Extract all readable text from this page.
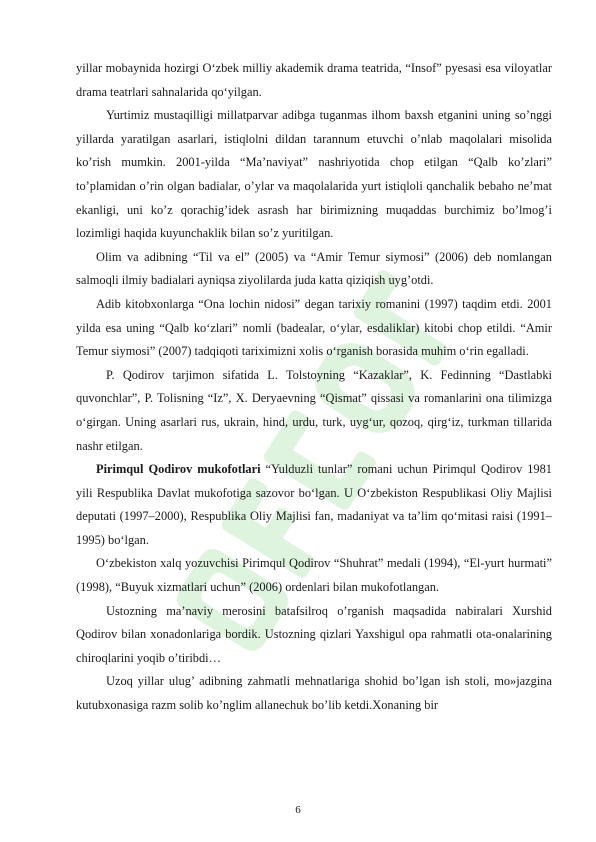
yillar mobaynida hozirgi O‘zbek milliy akademik drama teatrida, “Insof” pyesasi esa viloyatlar drama teatrlari sahnalarida qo‘yilgan.

Yurtimiz mustaqilligi millatparvar adibga tuganmas ilhom baxsh etganini uning so’nggi yillarda yaratilgan asarlari, istiqlolni dildan tarannum etuvchi o’nlab maqolalari misolida ko’rish mumkin. 2001-yilda “Ma’naviyat” nashriyotida chop etilgan “Qalb ko’zlari” to’plamidan o’rin olgan badialar, o’ylar va maqolalarida yurt istiqloli qanchalik bebaho ne’mat ekanligi, uni ko’z qorachig’idek asrash har birimizning muqaddas burchimiz bo’lmog’i lozimligi haqida kuyunchaklik bilan so’z yuritilgan.

Olim va adibning “Til va el” (2005) va “Amir Temur siymosi” (2006) deb nomlangan salmoqli ilmiy badialari ayniqsa ziyolilarda juda katta qiziqish uyg’otdi.

Adib kitobxonlarga “Ona lochin nidosi” degan tarixiy romanini (1997) taqdim etdi. 2001 yilda esa uning “Qalb ko‘zlari” nomli (badealar, o‘ylar, esdaliklar) kitobi chop etildi. “Amir Temur siymosi” (2007) tadqiqoti tariximizni xolis o‘rganish borasida muhim o‘rin egalladi.

P. Qodirov tarjimon sifatida L. Tolstoyning “Kazaklar”, K. Fedinning “Dastlabki quvonchlar”, P. Tolisning “Iz”, X. Deryaevning “Qismat” qissasi va romanlarini ona tilimizga o‘girgan. Uning asarlari rus, ukrain, hind, urdu, turk, uyg‘ur, qozoq, qirg‘iz, turkman tillarida nashr etilgan.

Pirimqul Qodirov mukofotlari “Yulduzli tunlar” romani uchun Pirimqul Qodirov 1981 yili Respublika Davlat mukofotiga sazovor bo‘lgan. U O‘zbekiston Respublikasi Oliy Majlisi deputati (1997–2000), Respublika Oliy Majlisi fan, madaniyat va ta’lim qo‘mitasi raisi (1991–1995) bo‘lgan.

O‘zbekiston xalq yozuvchisi Pirimqul Qodirov “Shuhrat” medali (1994), “El-yurt hurmati” (1998), “Buyuk xizmatlari uchun” (2006) ordenlari bilan mukofotlangan.

Ustozning ma’naviy merosini batafsilroq o’rganish maqsadida nabiralari Xurshid Qodirov bilan xonadonlariga bordik. Ustozning qizlari Yaxshigul opa rahmatli ota-onalarining chiroqlarini yoqib o’tiribdi…

Uzoq yillar ulug’ adibning zahmatli mehnatlariga shohid bo’lgan ish stoli, mo»jazgina kutubxonasiga razm solib ko’nglim allanechuk bo’lib ketdi.Xonaning bir

6
